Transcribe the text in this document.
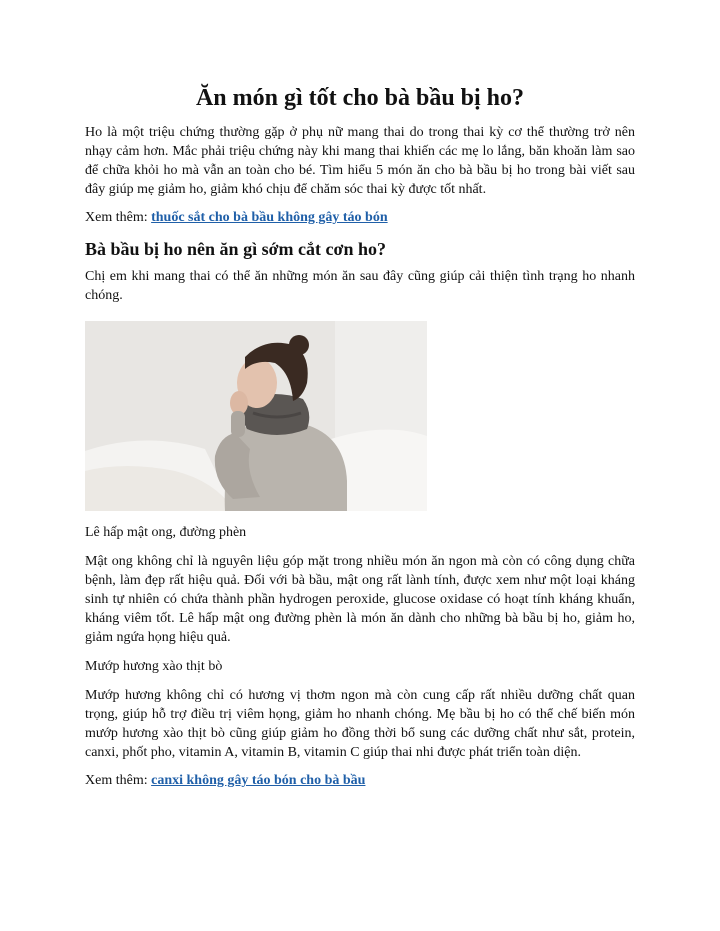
Ăn món gì tốt cho bà bầu bị ho?

Ho là một triệu chứng thường gặp ở phụ nữ mang thai do trong thai kỳ cơ thể thường trở nên nhạy cảm hơn. Mắc phải triệu chứng này khi mang thai khiến các mẹ lo lắng, băn khoăn làm sao để chữa khỏi ho mà vẫn an toàn cho bé. Tìm hiểu 5 món ăn cho bà bầu bị ho trong bài viết sau đây giúp mẹ giảm ho, giảm khó chịu để chăm sóc thai kỳ được tốt nhất.

Xem thêm: thuốc sắt cho bà bầu không gây táo bón

Bà bầu bị ho nên ăn gì sớm cắt cơn ho?

Chị em khi mang thai có thể ăn những món ăn sau đây cũng giúp cải thiện tình trạng ho nhanh chóng.

Lê hấp mật ong, đường phèn

Mật ong không chỉ là nguyên liệu góp mặt trong nhiều món ăn ngon mà còn có công dụng chữa bệnh, làm đẹp rất hiệu quả. Đối với bà bầu, mật ong rất lành tính, được xem như một loại kháng sinh tự nhiên có chứa thành phần hydrogen peroxide, glucose oxidase có hoạt tính kháng khuẩn, kháng viêm tốt. Lê hấp mật ong đường phèn là món ăn dành cho những bà bầu bị ho, giảm ho, giảm ngứa họng hiệu quả.

Mướp hương xào thịt bò

Mướp hương không chỉ có hương vị thơm ngon mà còn cung cấp rất nhiều dưỡng chất quan trọng, giúp hỗ trợ điều trị viêm họng, giảm ho nhanh chóng. Mẹ bầu bị ho có thể chế biến món mướp hương xào thịt bò cũng giúp giảm ho đồng thời bổ sung các dưỡng chất như sắt, protein, canxi, phốt pho, vitamin A, vitamin B, vitamin C giúp thai nhi được phát triển toàn diện.

Xem thêm: canxi không gây táo bón cho bà bầu
